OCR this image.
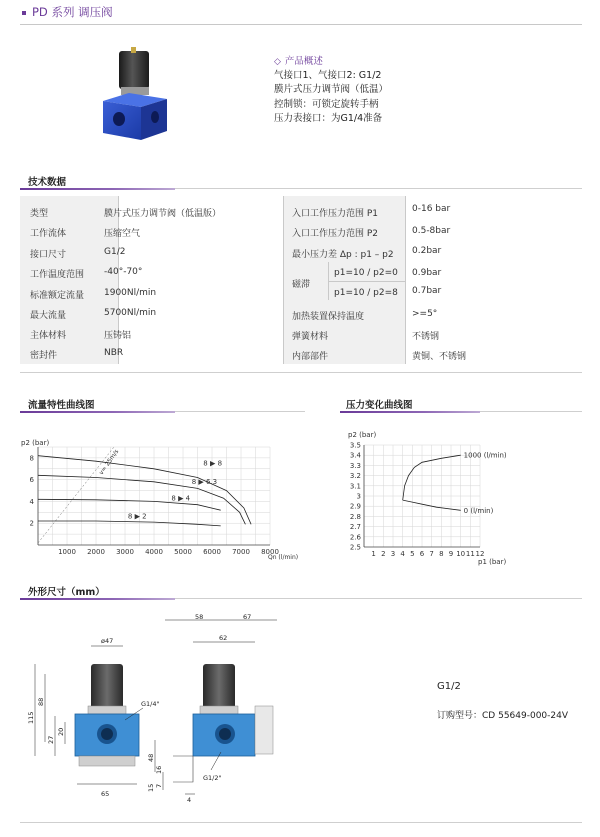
PD 系列 调压阀
◇ 产品概述
气接口1、气接口2: G1/2
膜片式压力调节阀（低温）
控制锁：可锁定旋转手柄
压力表接口：为G1/4准备
技术数据
类型	膜片式压力调节阀（低温版）
工作流体	压缩空气
接口尺寸	G1/2
工作温度范围 -40°-70°
标准额定流量 1900Nl/min
最大流量	5700Nl/min
主体材料	压铸铝
密封件	NBR
入口工作压力范围 P1	0-16 bar
入口工作压力范围 P2	0.5-8bar
最小压力差 Δp : p1 – p2 0.2bar
磁滞
p1=10 / p2=0 0.9bar
p1=10 / p2=8 0.7bar
加热装置保持温度	>=5°
弹簧材料	不锈钢
内部部件	黄铜、不锈钢
流量特性曲线图
v= 25m/s
p2 (bar)
Qn (l/min)
1000 2000 3000 4000 5000 6000 7000 8000
2
4
6
8
8 ▶ 8
8 ▶ 6.3
8 ▶ 4
8 ▶ 2
压力变化曲线图
p2 (bar)
p1 (bar)
1 2 3 4 5 6 7 8 9 10 11 12
2.5
2.6
2.7
2.8
2.9
3
3.1
3.2
3.3
3.4
3.5
1000 (l/min)
0 (l/min)
外形尺寸（mm）
115
88
27
20
ø47
G1/4"
65
58	67
62
48
16
7
15
4
G1/2"
G1/2
订购型号：CD 55649-000-24V
